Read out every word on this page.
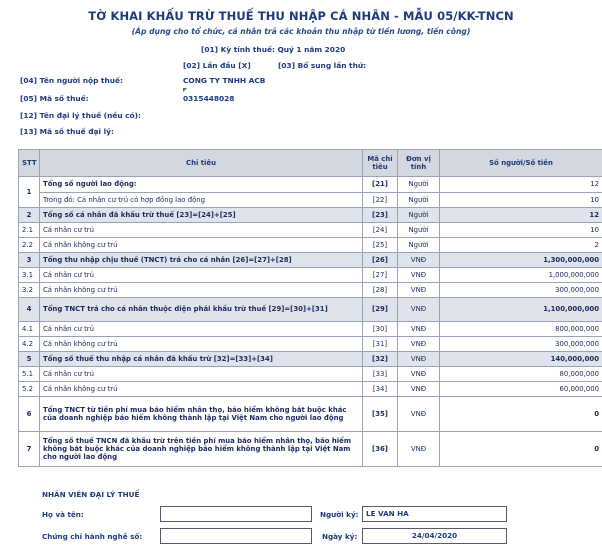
TỜ KHAI KHẤU TRỪ THUẾ THU NHẬP CÁ NHÂN - MẪU 05/KK-TNCN
(Áp dụng cho tổ chức, cá nhân trả các khoản thu nhập từ tiền lương, tiền công)
[01] Kỳ tính thuế: Quý 1 năm 2020
[02] Lần đầu [X]	[03] Bổ sung lần thứ:
[04] Tên người nộp thuế:	CONG TY TNHH ACB
[05] Mã số thuế:	0315448028
[12] Tên đại lý thuế (nếu có):
[13] Mã số thuế đại lý:
STT	Chỉ tiêu	Mã chỉ tiêu	Đơn vị tính	Số người/Số tiền
1	Tổng số người lao động:	[21]	Người	12
	Trong đó: Cá nhân cư trú có hợp đồng lao động	[22]	Người	10
2	Tổng số cá nhân đã khấu trừ thuế [23]=[24]+[25]	[23]	Người	12
2.1	Cá nhân cư trú	[24]	Người	10
2.2	Cá nhân không cư trú	[25]	Người	2
3	Tổng thu nhập chịu thuế (TNCT) trả cho cá nhân [26]=[27]+[28]	[26]	VNĐ	1,300,000,000
3.1	Cá nhân cư trú	[27]	VNĐ	1,000,000,000
3.2	Cá nhân không cư trú	[28]	VNĐ	300,000,000
4	Tổng TNCT trả cho cá nhân thuộc diện phải khấu trừ thuế [29]=[30]+[31]	[29]	VNĐ	1,100,000,000
4.1	Cá nhân cư trú	[30]	VNĐ	800,000,000
4.2	Cá nhân không cư trú	[31]	VNĐ	300,000,000
5	Tổng số thuế thu nhập cá nhân đã khấu trừ [32]=[33]+[34]	[32]	VNĐ	140,000,000
5.1	Cá nhân cư trú	[33]	VNĐ	80,000,000
5.2	Cá nhân không cư trú	[34]	VNĐ	60,000,000
6	Tổng TNCT từ tiền phí mua bảo hiểm nhân thọ, bảo hiểm không bắt buộc khác của doanh nghiệp bảo hiểm không thành lập tại Việt Nam cho người lao động	[35]	VNĐ	0
7	Tổng số thuế TNCN đã khấu trừ trên tiền phí mua bảo hiểm nhân thọ, bảo hiểm không bắt buộc khác của doanh nghiệp bảo hiểm không thành lập tại Việt Nam cho người lao động	[36]	VNĐ	0
NHÂN VIÊN ĐẠI LÝ THUẾ
Họ và tên:	Người ký: LE VAN HA
Chứng chỉ hành nghề số:	Ngày ký:	24/04/2020
